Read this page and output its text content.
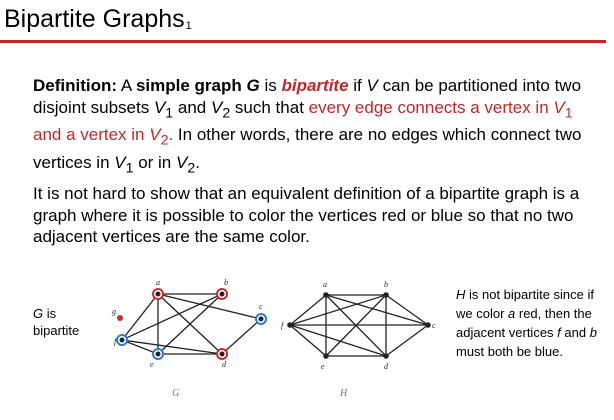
Bipartite Graphs$_1$

Definition: A simple graph G is bipartite if V can be partitioned into two disjoint subsets $V_1$ and $V_2$ such that every edge connects a vertex in $V_1$ and a vertex in $V_2$. In other words, there are no edges which connect two vertices in $V_1$ or in $V_2$.

It is not hard to show that an equivalent definition of a bipartite graph is a graph where it is possible to color the vertices red or blue so that no two adjacent vertices are the same color.

G is bipartite
H is not bipartite since if we color a red, then the adjacent vertices f and b must both be blue.
a	b
c
g
f
e	d
G
a	b
c
f
e	d
H
